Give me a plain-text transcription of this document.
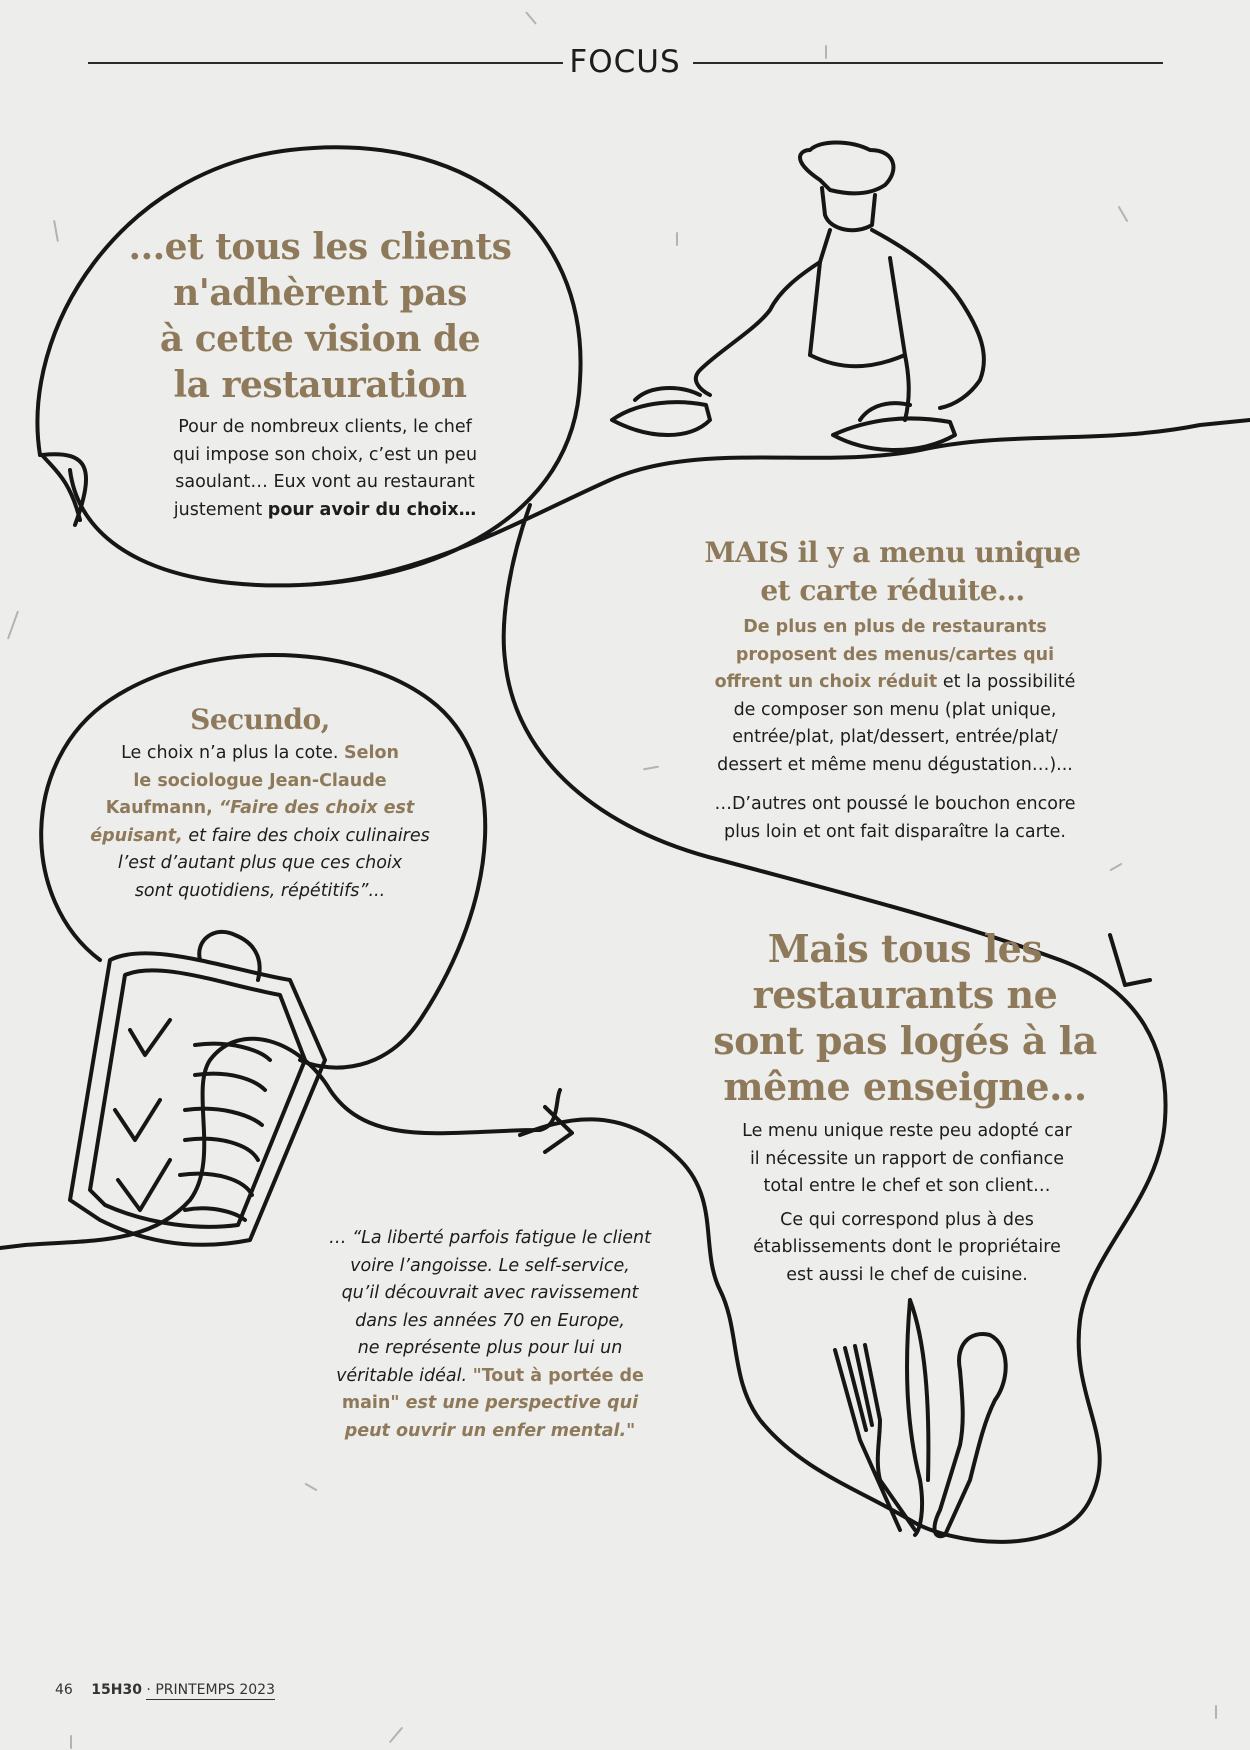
FOCUS
...et tous les clients
n'adhèrent pas
à cette vision de
la restauration
Pour de nombreux clients, le chef
qui impose son choix, c’est un peu
saoulant… Eux vont au restaurant
justement pour avoir du choix…
MAIS il y a menu unique
et carte réduite…
De plus en plus de restaurants
proposent des menus/cartes qui
offrent un choix réduit et la possibilité
de composer son menu (plat unique,
entrée/plat, plat/dessert, entrée/plat/
dessert et même menu dégustation…)...
…D’autres ont poussé le bouchon encore
plus loin et ont fait disparaître la carte.
Secundo,
Le choix n’a plus la cote. Selon
le sociologue Jean-Claude
Kaufmann, “Faire des choix est
épuisant, et faire des choix culinaires
l’est d’autant plus que ces choix
sont quotidiens, répétitifs”...
Mais tous les
restaurants ne
sont pas logés à la
même enseigne…
Le menu unique reste peu adopté car
il nécessite un rapport de confiance
total entre le chef et son client…
Ce qui correspond plus à des
établissements dont le propriétaire
est aussi le chef de cuisine.
… “La liberté parfois fatigue le client
voire l’angoisse. Le self-service,
qu’il découvrait avec ravissement
dans les années 70 en Europe,
ne représente plus pour lui un
véritable idéal. "Tout à portée de
main" est une perspective qui
peut ouvrir un enfer mental."
46 15H30 · PRINTEMPS 2023
